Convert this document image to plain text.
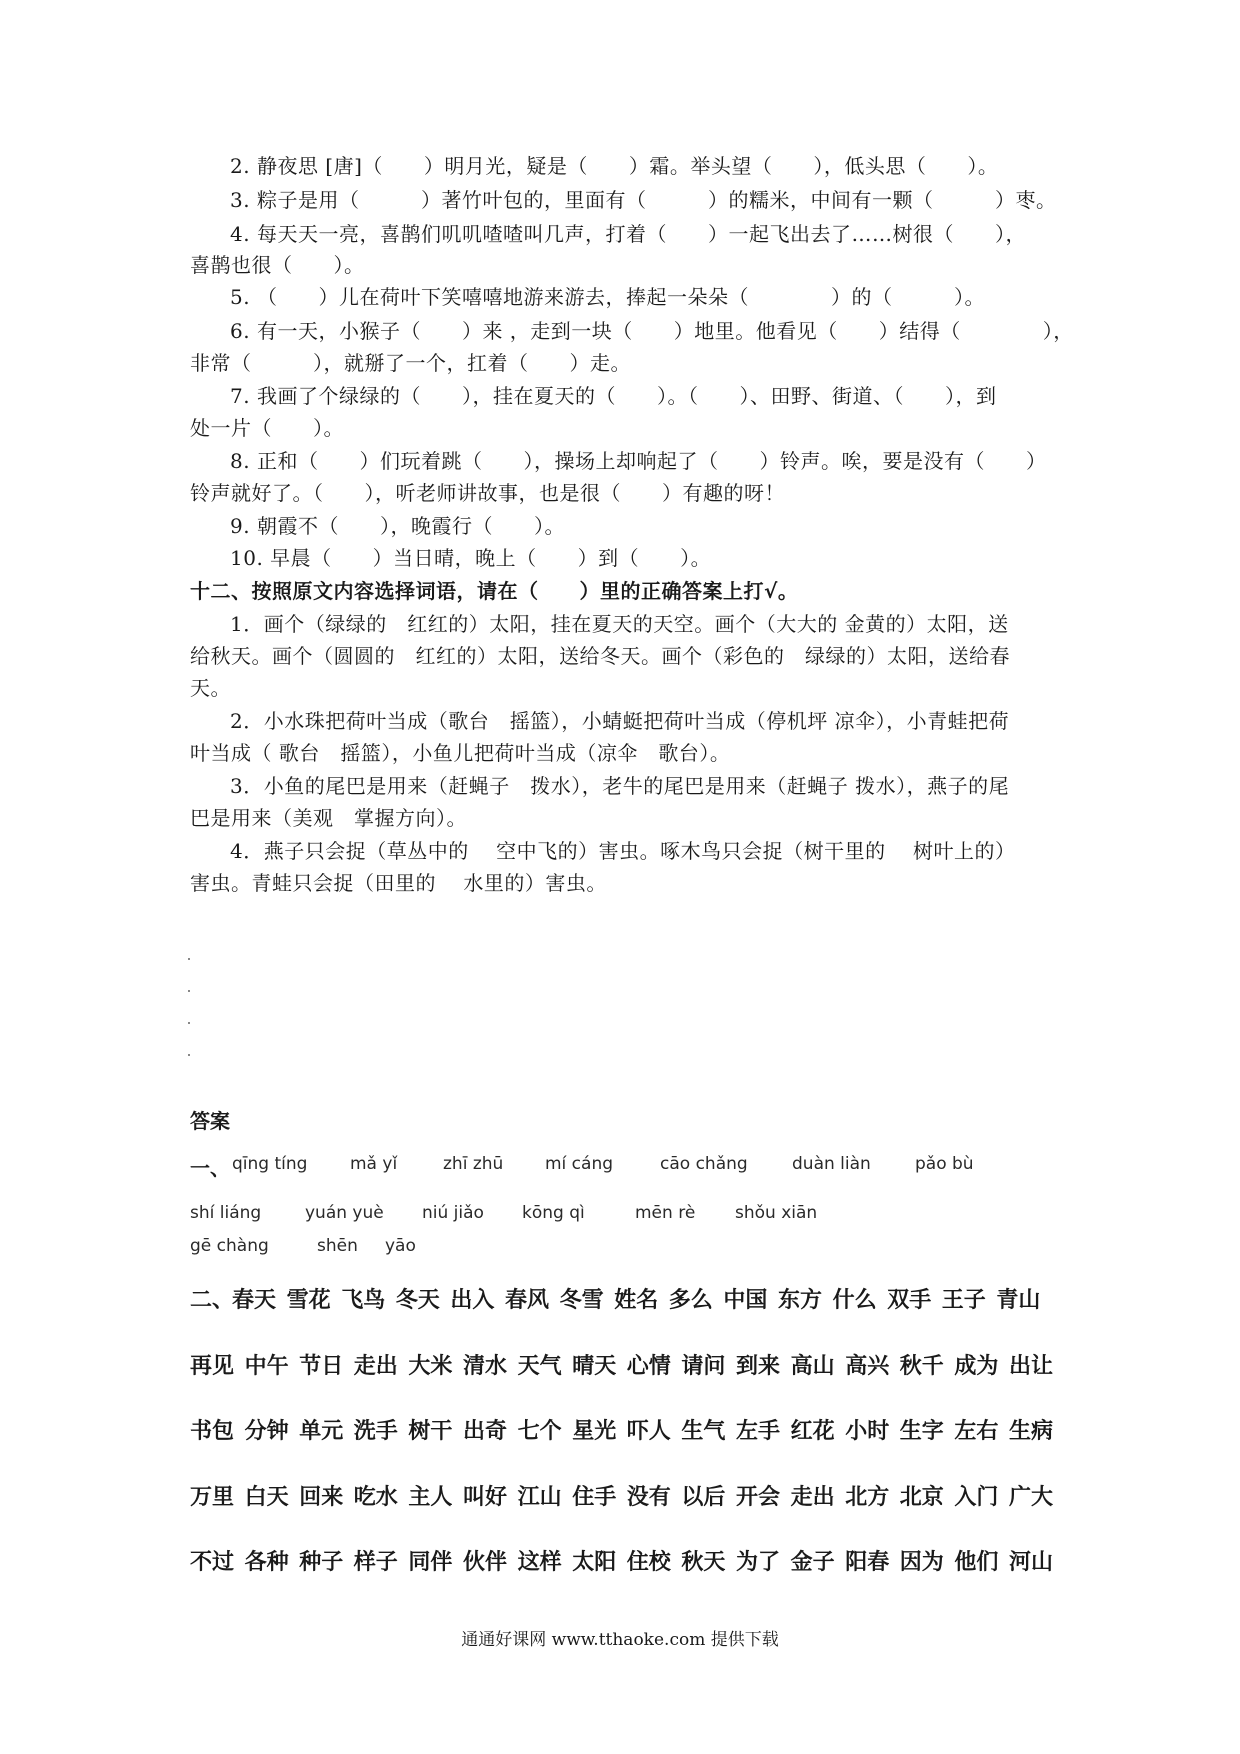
2. 静夜思 [唐]（　　）明月光，疑是（　　）霜。举头望（　　），低头思（　　）。
3. 粽子是用（　　　）著竹叶包的，里面有（　　　）的糯米，中间有一颗（　　　）枣。
4. 每天天一亮，喜鹊们叽叽喳喳叫几声，打着（　　）一起飞出去了……树很（　　），
喜鹊也很（　　）。
5. （　　）儿在荷叶下笑嘻嘻地游来游去，捧起一朵朵（　　　　）的（　　　）。
6. 有一天，小猴子（　　）来 ，走到一块（　　）地里。他看见（　　）结得（　　　　），
非常（　　　），就掰了一个，扛着（　　）走。
7. 我画了个绿绿的（　　），挂在夏天的（　　）。（　　）、田野、街道、（　　），到
处一片（　　）。
8. 正和（　　）们玩着跳（　　），操场上却响起了（　　）铃声。唉，要是没有（　　）
铃声就好了。（　　），听老师讲故事，也是很（　　）有趣的呀！
9. 朝霞不（　　），晚霞行（　　）。
10. 早晨（　　）当日晴，晚上（　　）到（　　）。
十二、按照原文内容选择词语，请在（　　）里的正确答案上打√。
1．画个（绿绿的　红红的）太阳，挂在夏天的天空。画个（大大的 金黄的）太阳，送
给秋天。画个（圆圆的　红红的）太阳，送给冬天。画个（彩色的　绿绿的）太阳，送给春
天。
2．小水珠把荷叶当成（歌台　摇篮），小蜻蜓把荷叶当成（停机坪 凉伞），小青蛙把荷
叶当成（ 歌台　摇篮），小鱼儿把荷叶当成（凉伞　歌台）。
3．小鱼的尾巴是用来（赶蝇子　拨水），老牛的尾巴是用来（赶蝇子 拨水），燕子的尾
巴是用来（美观　掌握方向）。
4．燕子只会捉（草丛中的　 空中飞的）害虫。啄木鸟只会捉（树干里的　 树叶上的）
害虫。青蛙只会捉（田里的　 水里的）害虫。
答案
一、 qīng tíng	mǎ yǐ	zhī zhū mí cáng	cāo chǎng	duàn liàn	pǎo bù
shí liáng	yuán yuè niú jiǎo kōng qì	mēn rè shǒu xiān
gē chàng	shēn yāo
二、
春天 雪花 飞鸟 冬天 出入 春风 冬雪 姓名 多么 中国 东方 什么 双手 王子 青山
再见 中午 节日 走出 大米 清水 天气 晴天 心情 请问 到来 高山 高兴 秋千 成为 出让
书包 分钟 单元 洗手 树干 出奇 七个 星光 吓人 生气 左手 红花 小时 生字 左右 生病
万里 白天 回来 吃水 主人 叫好 江山 住手 没有 以后 开会 走出 北方 北京 入门 广大
不过 各种 种子 样子 同伴 伙伴 这样 太阳 住校 秋天 为了 金子 阳春 因为 他们 河山
通通好课网 www.tthaoke.com 提供下载
